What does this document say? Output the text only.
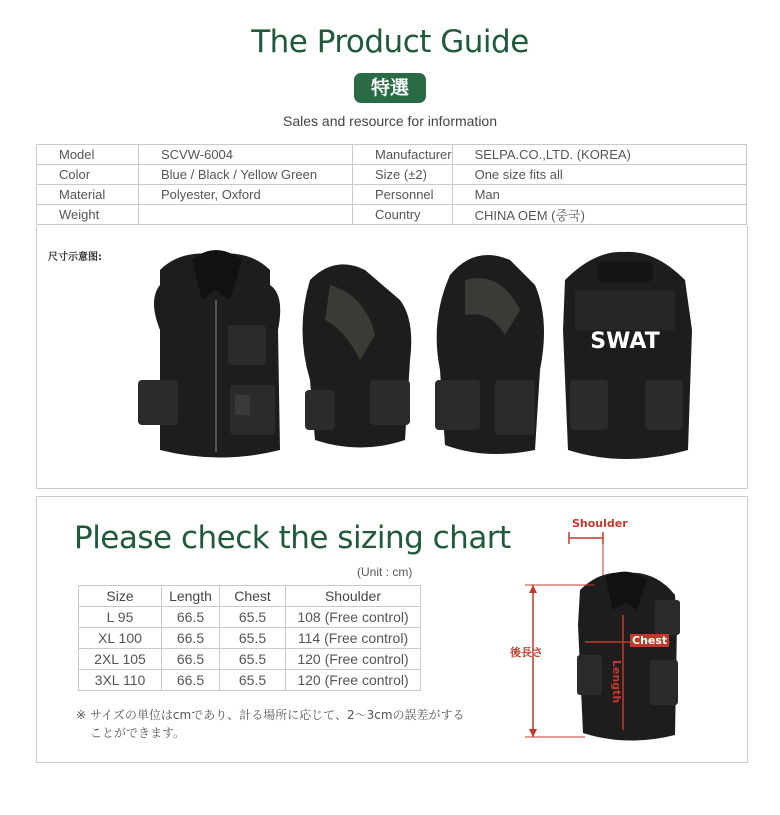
The Product Guide
特選
Sales and resource for information
Model	SCVW-6004	Manufacturer	SELPA.CO.,LTD. (KOREA)
Color	Blue / Black / Yellow Green	Size (±2)	One size fits all
Material	Polyester, Oxford	Personnel	Man
Weight		Country	CHINA OEM (중국)
尺寸示意图:
SWAT
Please check the sizing chart
(Unit : cm)
Size	Length	Chest	Shoulder
L 95	66.5	65.5	108 (Free control)
XL 100	66.5	65.5	114 (Free control)
2XL 105	66.5	65.5	120 (Free control)
3XL 110	66.5	65.5	120 (Free control)
※ サイズの単位はcmであり、計る場所に応じて、2～3cmの誤差がする
ことができます。
Shoulder
後長さ
Chest
Length
